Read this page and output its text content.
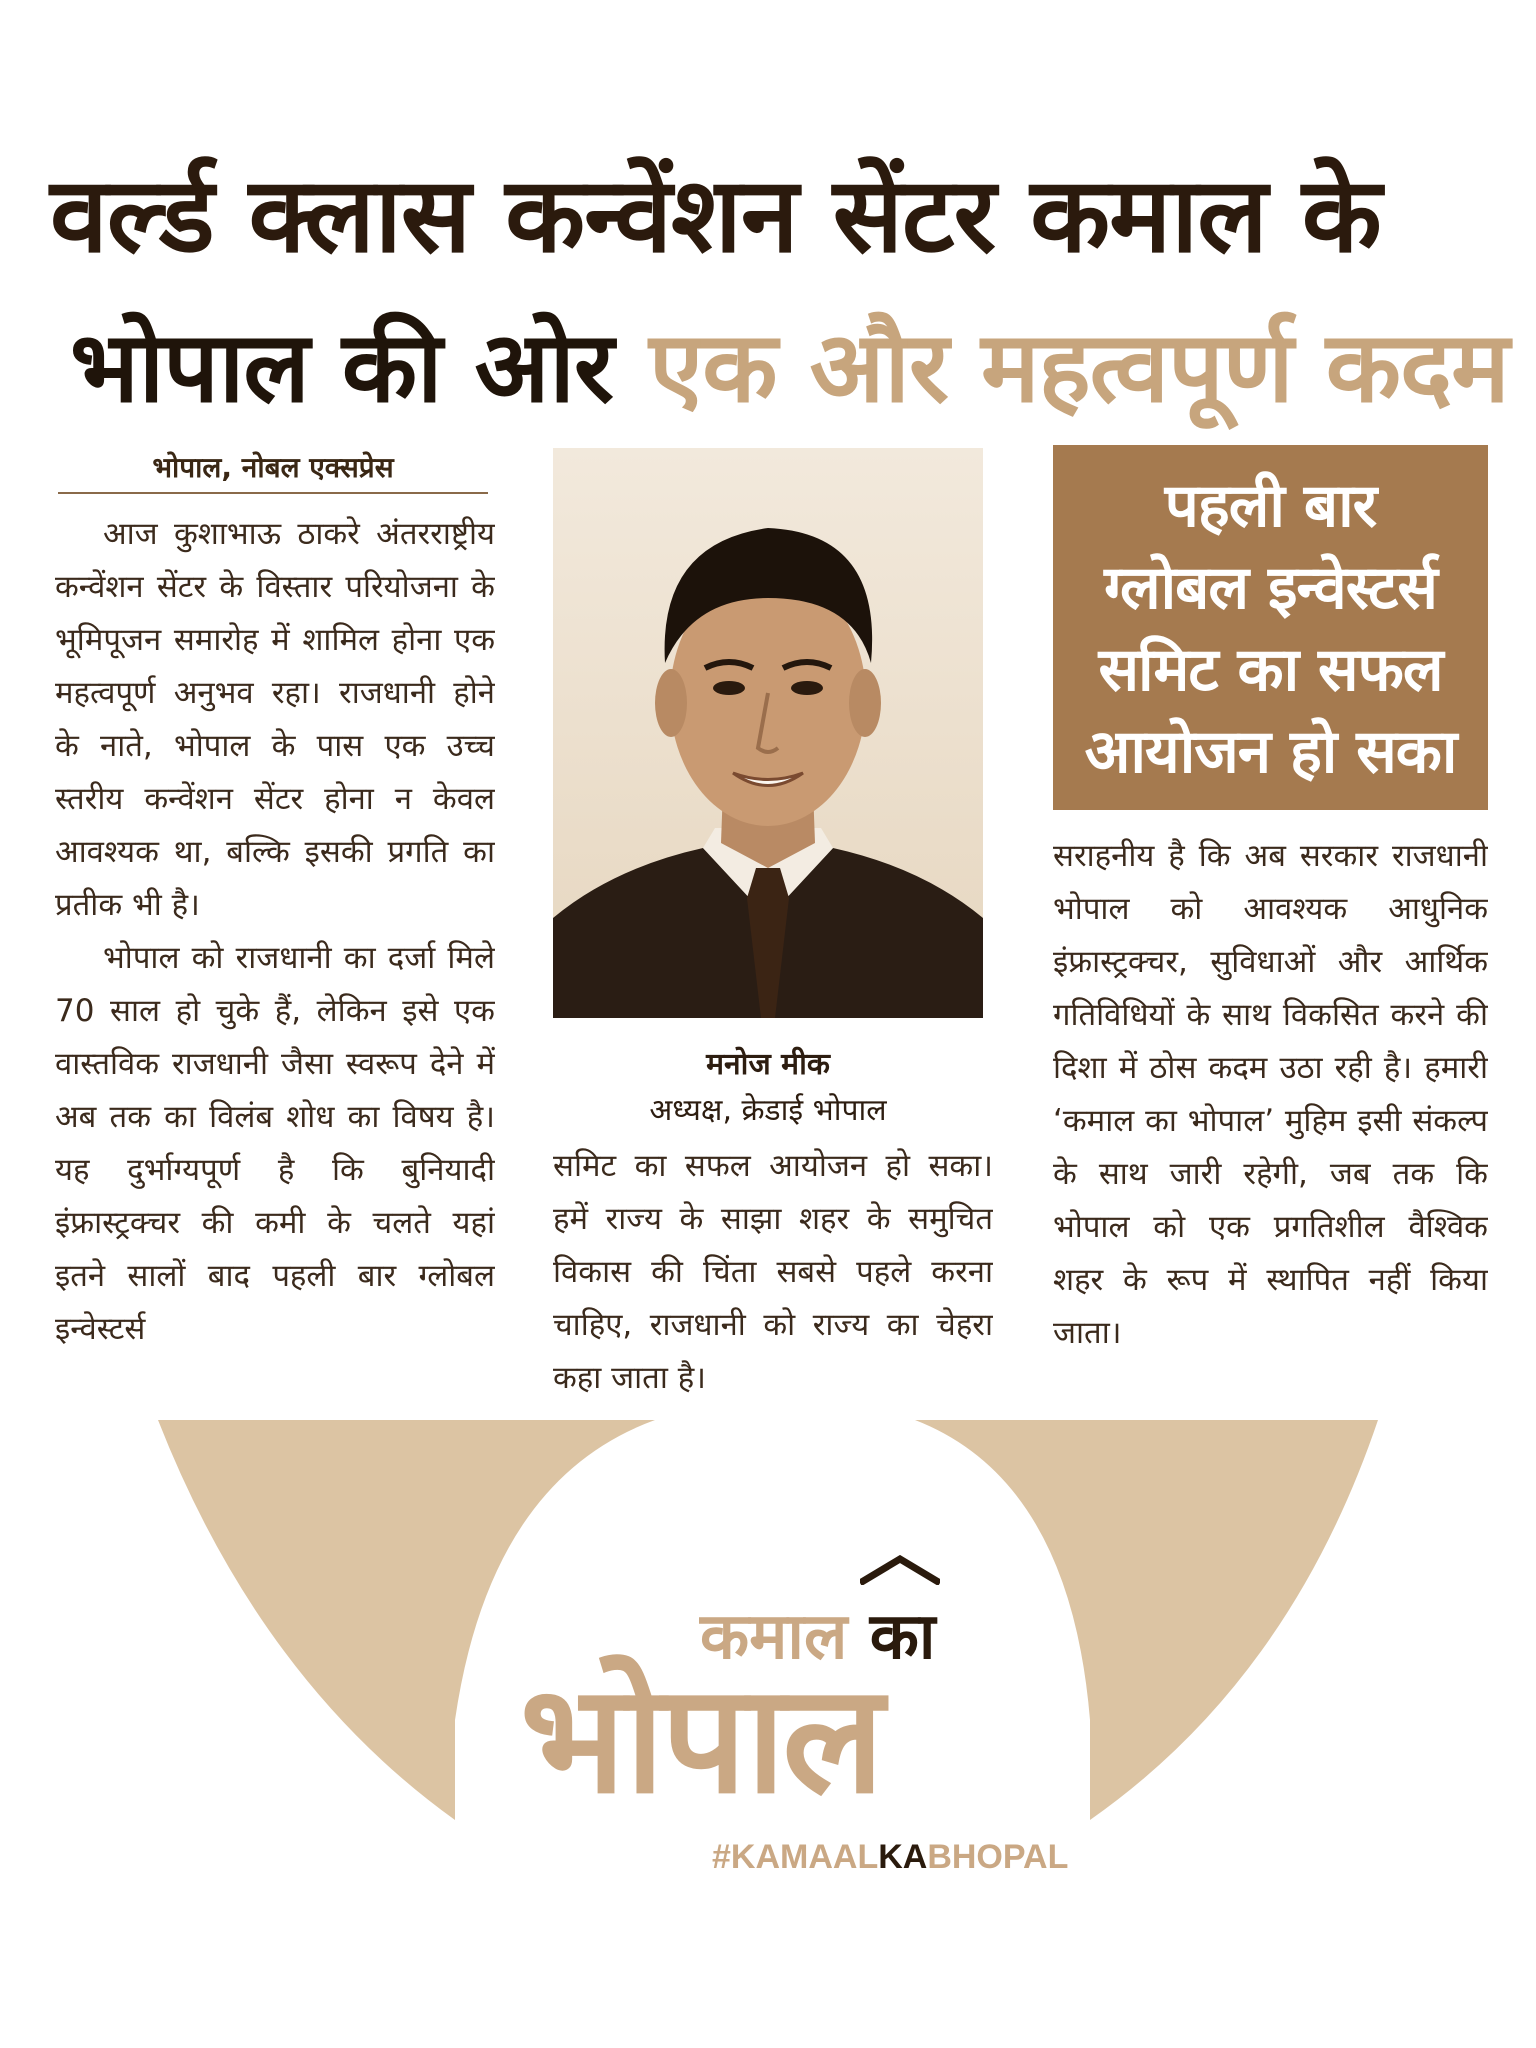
वर्ल्ड क्लास कन्वेंशन सेंटर कमाल के
भोपाल की ओर एक और महत्वपूर्ण कदम
भोपाल, नोबल एक्सप्रेस

आज कुशाभाऊ ठाकरे अंतरराष्ट्रीय कन्वेंशन सेंटर के विस्तार परियोजना के भूमिपूजन समारोह में शामिल होना एक महत्वपूर्ण अनुभव रहा। राजधानी होने के नाते, भोपाल के पास एक उच्च स्तरीय कन्वेंशन सेंटर होना न केवल आवश्यक था, बल्कि इसकी प्रगति का प्रतीक भी है।

भोपाल को राजधानी का दर्जा मिले 70 साल हो चुके हैं, लेकिन इसे एक वास्तविक राजधानी जैसा स्वरूप देने में अब तक का विलंब शोध का विषय है। यह दुर्भाग्यपूर्ण है कि बुनियादी इंफ्रास्ट्रक्चर की कमी के चलते यहां इतने सालों बाद पहली बार ग्लोबल इन्वेस्टर्स

मनोज मीक
अध्यक्ष, क्रेडाई भोपाल

समिट का सफल आयोजन हो सका। हमें राज्य के साझा शहर के समुचित विकास की चिंता सबसे पहले करना चाहिए, राजधानी को राज्य का चेहरा कहा जाता है।

पहली बार
ग्लोबल इन्वेस्टर्स
समिट का सफल
आयोजन हो सका

सराहनीय है कि अब सरकार राजधानी भोपाल को आवश्यक आधुनिक इंफ्रास्ट्रक्चर, सुविधाओं और आर्थिक गतिविधियों के साथ विकसित करने की दिशा में ठोस कदम उठा रही है। हमारी ‘कमाल का भोपाल’ मुहिम इसी संकल्प के साथ जारी रहेगी, जब तक कि भोपाल को एक प्रगतिशील वैश्विक शहर के रूप में स्थापित नहीं किया जाता।

कमाल का
भोपाल
#KAMAALKABHOPAL
